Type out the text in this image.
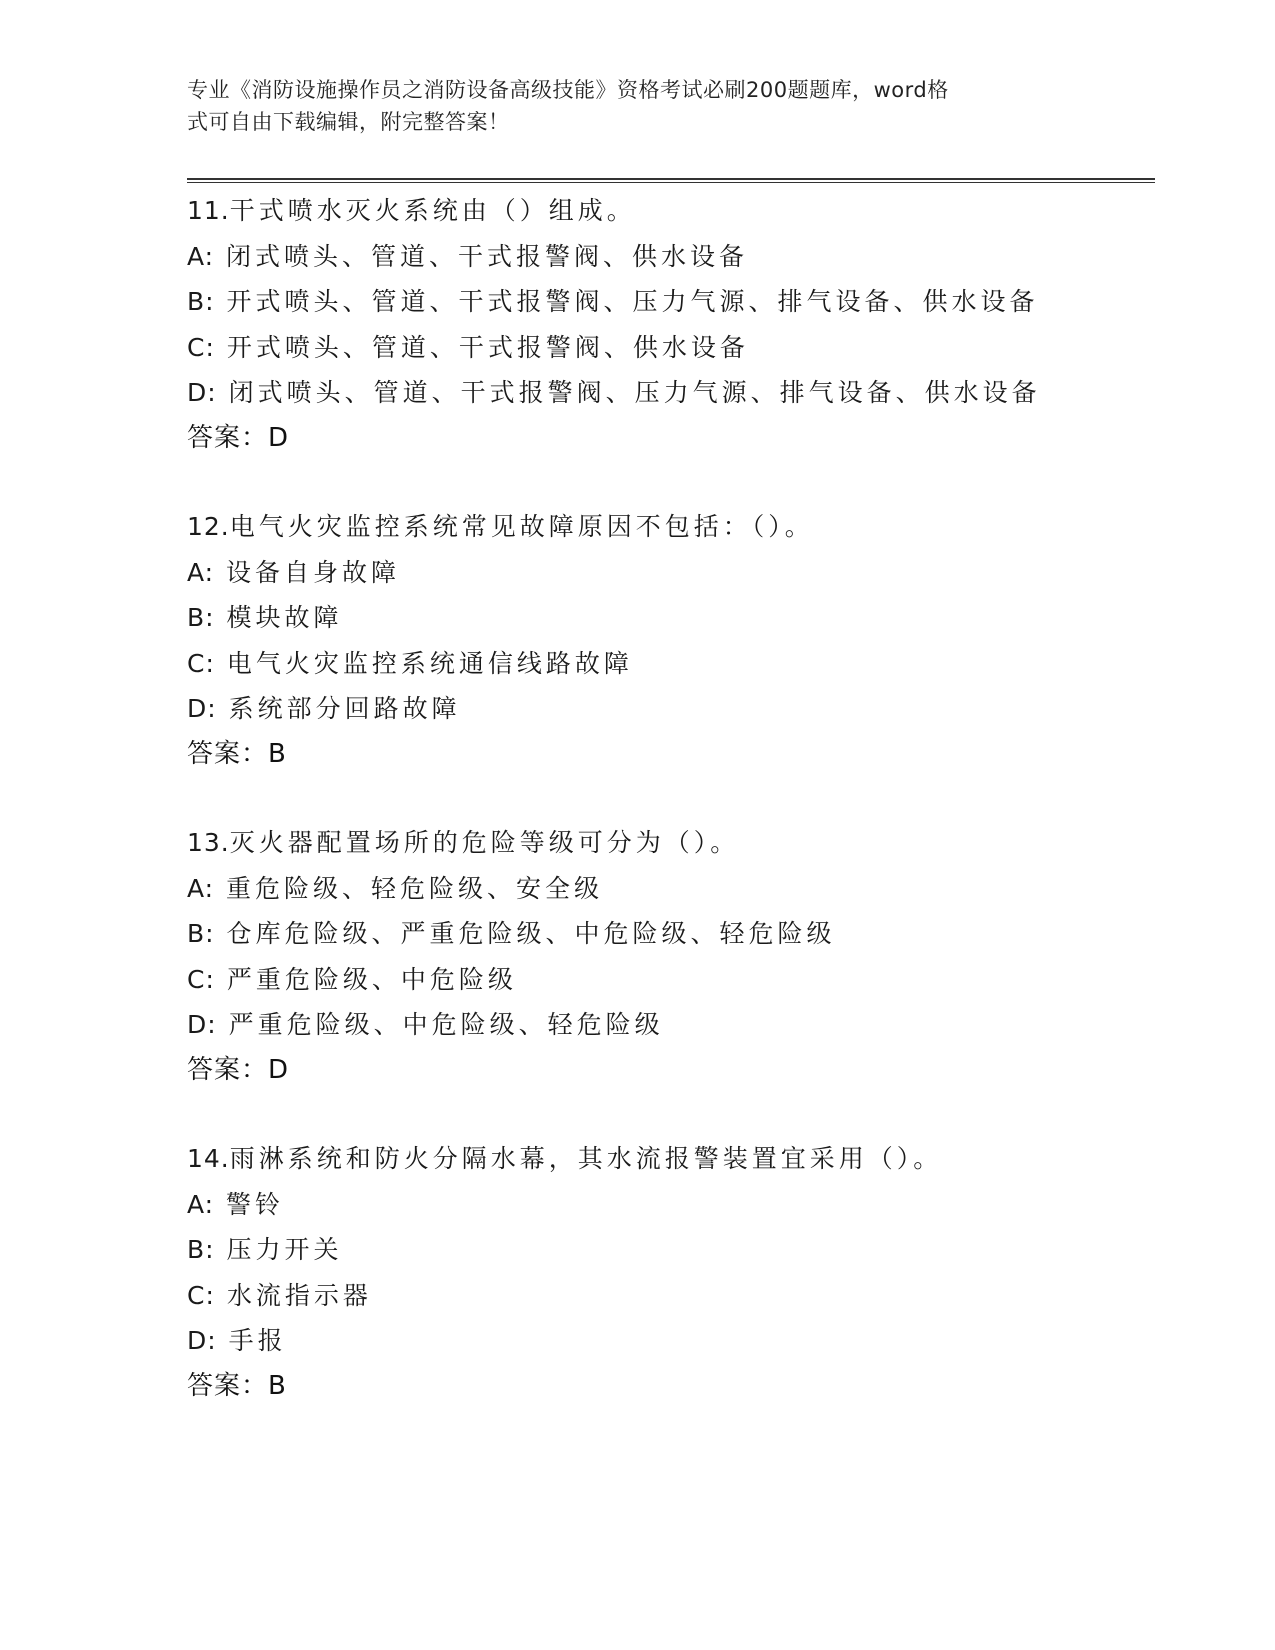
专业《消防设施操作员之消防设备高级技能》资格考试必刷200题题库，word格
式可自由下载编辑，附完整答案！
11.干式喷水灭火系统由（）组成。
A: 闭式喷头、管道、干式报警阀、供水设备
B: 开式喷头、管道、干式报警阀、压力气源、排气设备、供水设备
C: 开式喷头、管道、干式报警阀、供水设备
D: 闭式喷头、管道、干式报警阀、压力气源、排气设备、供水设备
答案：D
12.电气火灾监控系统常见故障原因不包括：（）。
A: 设备自身故障
B: 模块故障
C: 电气火灾监控系统通信线路故障
D: 系统部分回路故障
答案：B
13.灭火器配置场所的危险等级可分为（）。
A: 重危险级、轻危险级、安全级
B: 仓库危险级、严重危险级、中危险级、轻危险级
C: 严重危险级、中危险级
D: 严重危险级、中危险级、轻危险级
答案：D
14.雨淋系统和防火分隔水幕，其水流报警装置宜采用（）。
A: 警铃
B: 压力开关
C: 水流指示器
D: 手报
答案：B
